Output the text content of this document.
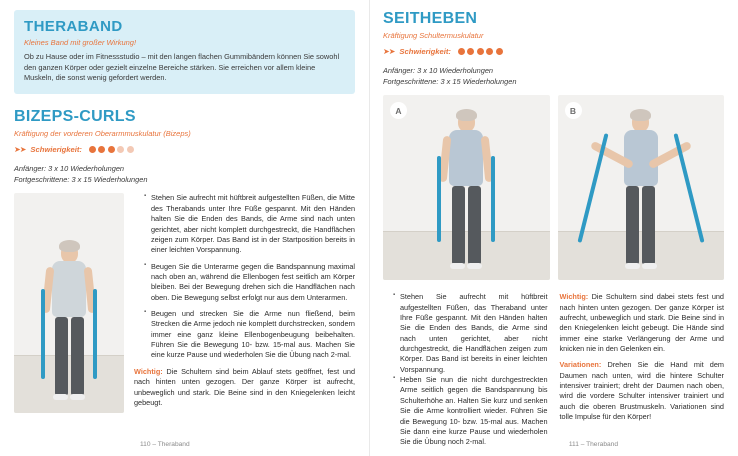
THERABAND
Kleines Band mit großer Wirkung!

Ob zu Hause oder im Fitnessstudio – mit den langen flachen Gummibändern können Sie sowohl den ganzen Körper oder gezielt einzelne Bereiche stärken. Sie erreichen vor allem kleine Muskeln, die sonst wenig gefordert werden.

BIZEPS-CURLS
Kräftigung der vorderen Oberarmmuskulatur (Bizeps)
➤➤ Schwierigkeit:

Anfänger: 3 x 10 Wiederholungen
Fortgeschrittene: 3 x 15 Wiederholungen

▪ Stehen Sie aufrecht mit hüftbreit aufgestellten Füßen, die Mitte des Therabands unter Ihre Füße gespannt. Mit den Händen halten Sie die Enden des Bands, die Arme sind nach unten gerichtet, aber nicht komplett durchgestreckt, die Handflächen zeigen zum Körper. Das Band ist in der Startposition bereits in einer leichten Vorspannung.
▪ Beugen Sie die Unterarme gegen die Bandspannung maximal nach oben an, während die Ellenbogen fest seitlich am Körper bleiben. Bei der Bewegung drehen sich die Handflächen nach oben. Die Bewegung selbst erfolgt nur aus dem Unterarmen.
▪ Beugen und strecken Sie die Arme nun fließend, beim Strecken die Arme jedoch nie komplett durchstrecken, sondern immer eine ganz kleine Ellenbogenbeugung beibehalten. Führen Sie die Bewegung 10- bzw. 15-mal aus. Machen Sie eine kurze Pause und wiederholen Sie die Übung nach 2-mal.

Wichtig: Die Schultern sind beim Ablauf stets geöffnet, fest und nach hinten unten gezogen. Der ganze Körper ist aufrecht, unbeweglich und stark. Die Beine sind in den Kniegelenken leicht gebeugt.

110 – Theraband
SEITHEBEN
Kräftigung Schultermuskulatur
➤➤ Schwierigkeit:

Anfänger: 3 x 10 Wiederholungen
Fortgeschrittene: 3 x 15 Wiederholungen

A	B
▪ Stehen Sie aufrecht mit hüftbreit aufgestellten Füßen, das Theraband unter Ihre Füße gespannt. Mit den Händen halten Sie die Enden des Bands, die Arme sind nach unten gerichtet, aber nicht durchgestreckt, die Handflächen zeigen zum Körper. Das Band ist bereits in einer leichten Vorspannung.
▪ Heben Sie nun die nicht durchgestreckten Arme seitlich gegen die Bandspannung bis Schulterhöhe an. Halten Sie kurz und senken Sie die Arme kontrolliert wieder. Führen Sie die Bewegung 10- bzw. 15-mal aus. Machen Sie dann eine kurze Pause und wiederholen Sie die Übung noch 2-mal.

Wichtig: Die Schultern sind dabei stets fest und nach hinten unten gezogen. Der ganze Körper ist aufrecht, unbeweglich und stark. Die Beine sind in den Kniegelenken leicht gebeugt. Die Hände sind immer eine starke Verlängerung der Arme und knicken nie in den Gelenken ein.

Variationen: Drehen Sie die Hand mit dem Daumen nach unten, wird die hintere Schulter intensiver trainiert; dreht der Daumen nach oben, wird die vordere Schulter intensiver trainiert und auch die oberen Brustmuskeln. Variationen sind tolle Impulse für den Körper!

111 – Theraband
